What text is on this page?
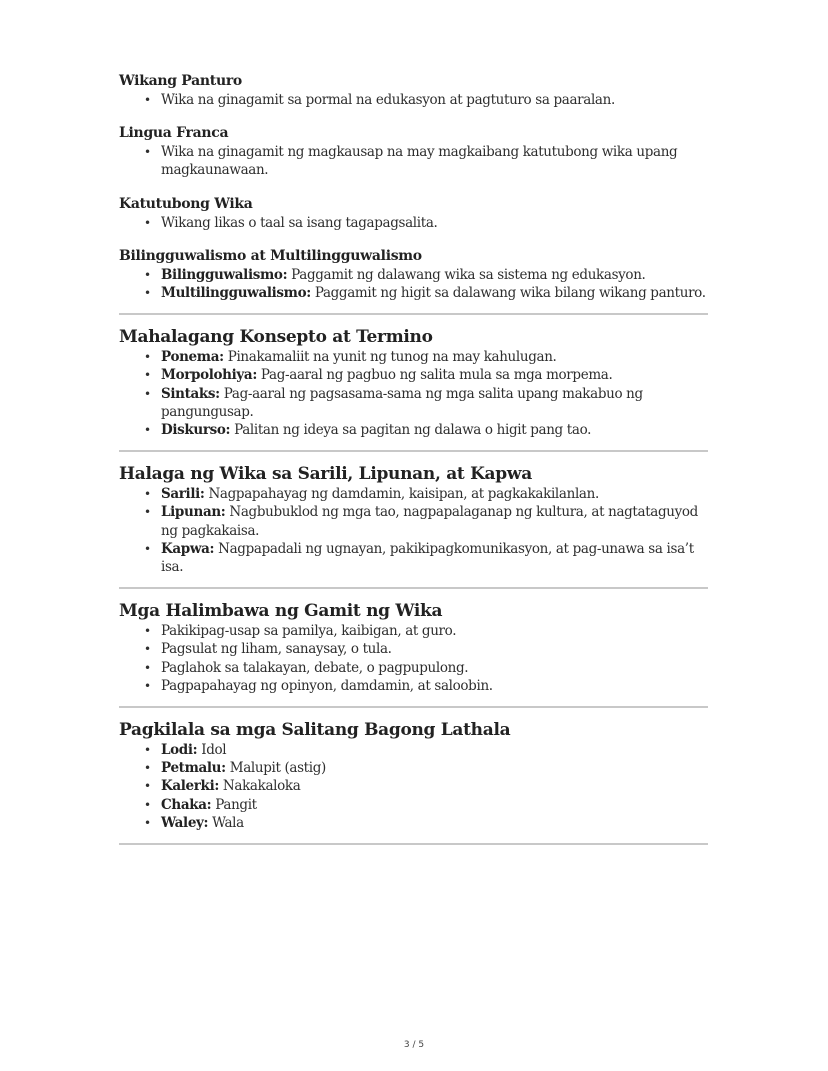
Wikang Panturo
• Wika na ginagamit sa pormal na edukasyon at pagtuturo sa paaralan.
Lingua Franca
• Wika na ginagamit ng magkausap na may magkaibang katutubong wika upang magkaunawaan.
Katutubong Wika
• Wikang likas o taal sa isang tagapagsalita.
Bilingguwalismo at Multilingguwalismo
• Bilingguwalismo: Paggamit ng dalawang wika sa sistema ng edukasyon.
• Multilingguwalismo: Paggamit ng higit sa dalawang wika bilang wikang panturo.
Mahalagang Konsepto at Termino
• Ponema: Pinakamaliit na yunit ng tunog na may kahulugan.
• Morpolohiya: Pag-aaral ng pagbuo ng salita mula sa mga morpema.
• Sintaks: Pag-aaral ng pagsasama-sama ng mga salita upang makabuo ng pangungusap.
• Diskurso: Palitan ng ideya sa pagitan ng dalawa o higit pang tao.
Halaga ng Wika sa Sarili, Lipunan, at Kapwa
• Sarili: Nagpapahayag ng damdamin, kaisipan, at pagkakakilanlan.
• Lipunan: Nagbubuklod ng mga tao, nagpapalaganap ng kultura, at nagtataguyod ng pagkakaisa.
• Kapwa: Nagpapadali ng ugnayan, pakikipagkomunikasyon, at pag-unawa sa isa’t isa.
Mga Halimbawa ng Gamit ng Wika
• Pakikipag-usap sa pamilya, kaibigan, at guro.
• Pagsulat ng liham, sanaysay, o tula.
• Paglahok sa talakayan, debate, o pagpupulong.
• Pagpapahayag ng opinyon, damdamin, at saloobin.
Pagkilala sa mga Salitang Bagong Lathala
• Lodi: Idol
• Petmalu: Malupit (astig)
• Kalerki: Nakakaloka
• Chaka: Pangit
• Waley: Wala
3 / 5
